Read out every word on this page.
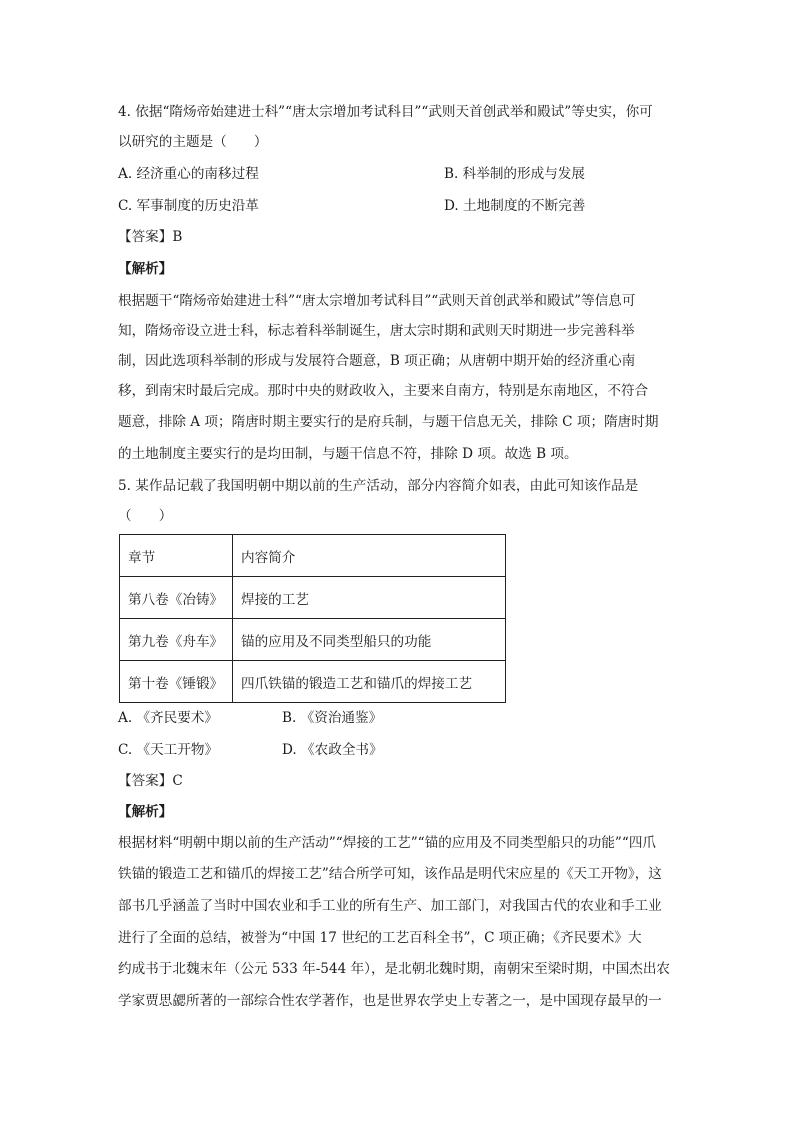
4. 依据“隋炀帝始建进士科”“唐太宗增加考试科目”“武则天首创武举和殿试”等史实，你可
以研究的主题是（　　）
A. 经济重心的南移过程	B. 科举制的形成与发展
C. 军事制度的历史沿革	D. 土地制度的不断完善
【答案】B
【解析】
根据题干“隋炀帝始建进士科”“唐太宗增加考试科目”“武则天首创武举和殿试”等信息可
知，隋炀帝设立进士科，标志着科举制诞生，唐太宗时期和武则天时期进一步完善科举
制，因此选项科举制的形成与发展符合题意，B 项正确；从唐朝中期开始的经济重心南
移，到南宋时最后完成。那时中央的财政收入，主要来自南方，特别是东南地区，不符合
题意，排除 A 项；隋唐时期主要实行的是府兵制，与题干信息无关，排除 C 项；隋唐时期
的土地制度主要实行的是均田制，与题干信息不符，排除 D 项。故选 B 项。
5. 某作品记载了我国明朝中期以前的生产活动，部分内容简介如表，由此可知该作品是
（　　）
章节	内容简介
第八卷《冶铸》	焊接的工艺
第九卷《舟车》	锚的应用及不同类型船只的功能
第十卷《锤锻》	四爪铁锚的锻造工艺和锚爪的焊接工艺
A. 《齐民要术》	B. 《资治通鉴》
C. 《天工开物》	D. 《农政全书》
【答案】C
【解析】
根据材料“明朝中期以前的生产活动”“焊接的工艺”“锚的应用及不同类型船只的功能”“四爪
铁锚的锻造工艺和锚爪的焊接工艺”结合所学可知，该作品是明代宋应星的《天工开物》，这
部书几乎涵盖了当时中国农业和手工业的所有生产、加工部门，对我国古代的农业和手工业
进行了全面的总结，被誉为“中国 17 世纪的工艺百科全书”，C 项正确；《齐民要术》大
约成书于北魏末年（公元 533 年-544 年），是北朝北魏时期，南朝宋至梁时期，中国杰出农
学家贾思勰所著的一部综合性农学著作，也是世界农学史上专著之一，是中国现存最早的一
